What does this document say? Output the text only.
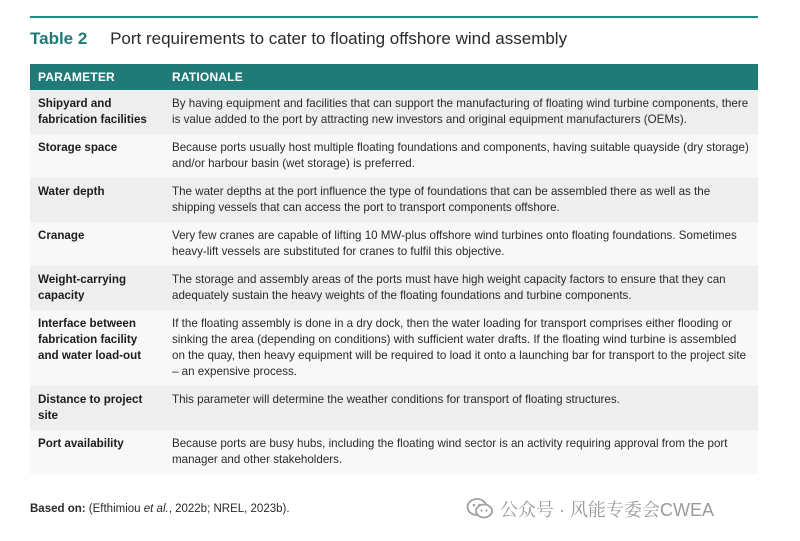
Table 2 Port requirements to cater to floating offshore wind assembly
PARAMETER	RATIONALE
Shipyard and fabrication facilities	By having equipment and facilities that can support the manufacturing of floating wind turbine components, there is value added to the port by attracting new investors and original equipment manufacturers (OEMs).
Storage space	Because ports usually host multiple floating foundations and components, having suitable quayside (dry storage) and/or harbour basin (wet storage) is preferred.
Water depth	The water depths at the port influence the type of foundations that can be assembled there as well as the shipping vessels that can access the port to transport components offshore.
Cranage	Very few cranes are capable of lifting 10 MW-plus offshore wind turbines onto floating foundations. Sometimes heavy-lift vessels are substituted for cranes to fulfil this objective.
Weight-carrying capacity	The storage and assembly areas of the ports must have high weight capacity factors to ensure that they can adequately sustain the heavy weights of the floating foundations and turbine components.
Interface between fabrication facility and water load-out	If the floating assembly is done in a dry dock, then the water loading for transport comprises either flooding or sinking the area (depending on conditions) with sufficient water drafts. If the floating wind turbine is assembled on the quay, then heavy equipment will be required to load it onto a launching bar for transport to the project site – an expensive process.
Distance to project site	This parameter will determine the weather conditions for transport of floating structures.
Port availability	Because ports are busy hubs, including the floating wind sector is an activity requiring approval from the port manager and other stakeholders.
Based on: (Efthimiou et al., 2022b; NREL, 2023b).	公众号 · 风能专委会CWEA
